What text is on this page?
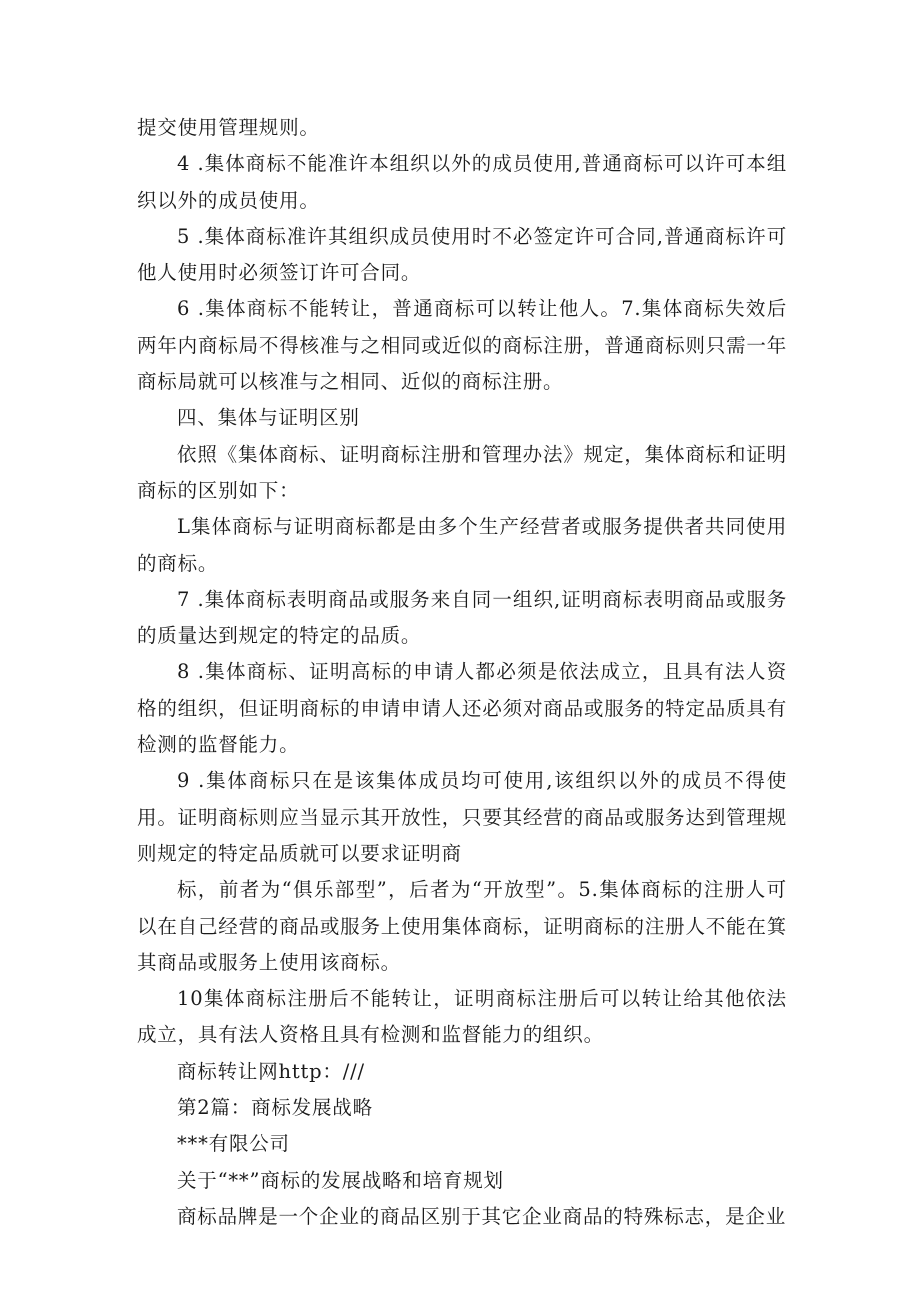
提交使用管理规则。

4 .集体商标不能准许本组织以外的成员使用,普通商标可以许可本组织以外的成员使用。

5 .集体商标准许其组织成员使用时不必签定许可合同,普通商标许可他人使用时必须签订许可合同。

6 .集体商标不能转让，普通商标可以转让他人。7.集体商标失效后两年内商标局不得核准与之相同或近似的商标注册，普通商标则只需一年商标局就可以核准与之相同、近似的商标注册。

四、集体与证明区别

依照《集体商标、证明商标注册和管理办法》规定，集体商标和证明商标的区别如下：

L集体商标与证明商标都是由多个生产经营者或服务提供者共同使用的商标。

7 .集体商标表明商品或服务来自同一组织,证明商标表明商品或服务的质量达到规定的特定的品质。

8 .集体商标、证明高标的申请人都必须是依法成立，且具有法人资格的组织，但证明商标的申请申请人还必须对商品或服务的特定品质具有检测的监督能力。

9 .集体商标只在是该集体成员均可使用,该组织以外的成员不得使用。证明商标则应当显示其开放性，只要其经营的商品或服务达到管理规则规定的特定品质就可以要求证明商

标，前者为“俱乐部型”，后者为“开放型”。5.集体商标的注册人可以在自己经营的商品或服务上使用集体商标，证明商标的注册人不能在箕其商品或服务上使用该商标。

10集体商标注册后不能转让，证明商标注册后可以转让给其他依法成立，具有法人资格且具有检测和监督能力的组织。

商标转让网http：///

第2篇：商标发展战略

***有限公司

关于“**”商标的发展战略和培育规划

商标品牌是一个企业的商品区别于其它企业商品的特殊标志，是企业
